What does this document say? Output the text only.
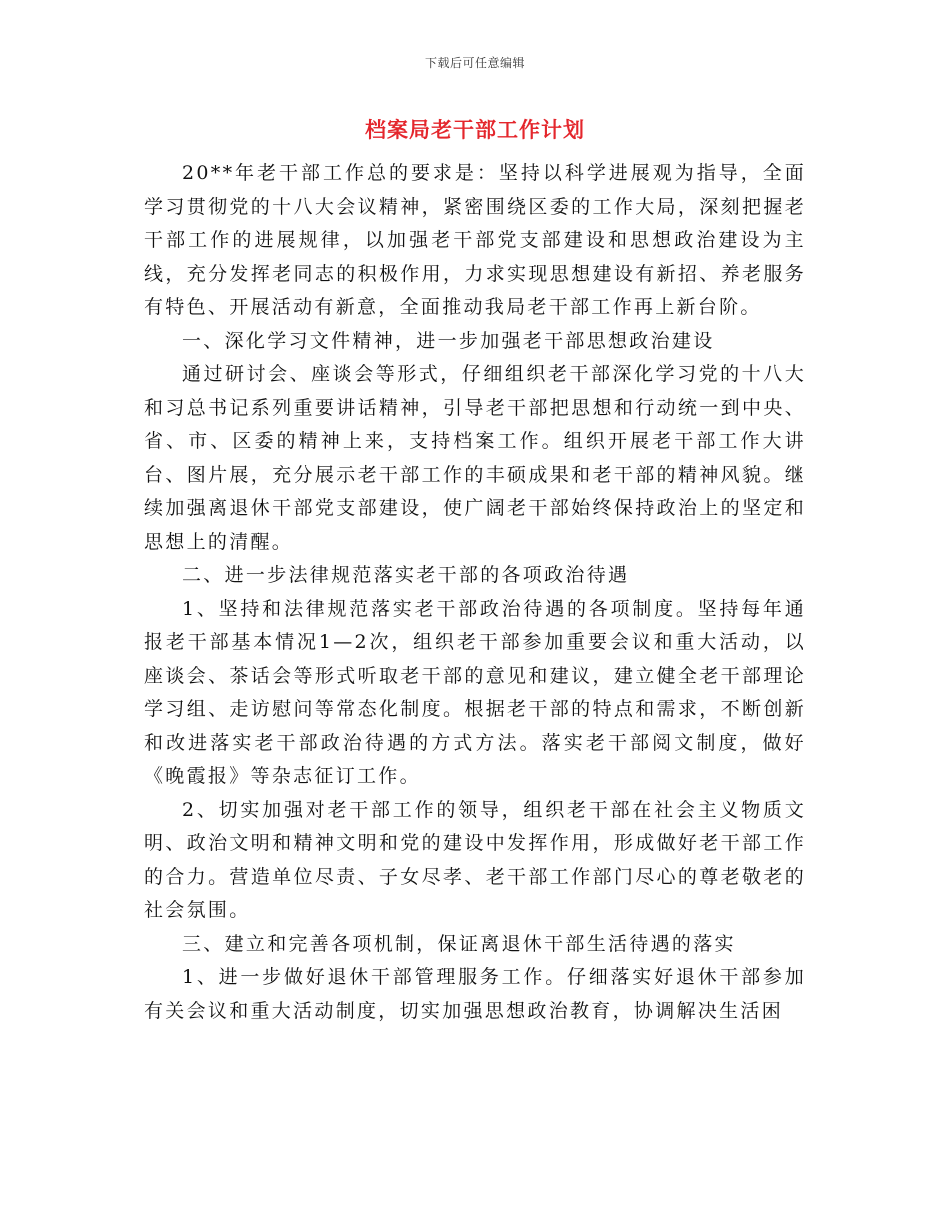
下载后可任意编辑
档案局老干部工作计划

20**年老干部工作总的要求是：坚持以科学进展观为指导，全面学习贯彻党的十八大会议精神，紧密围绕区委的工作大局，深刻把握老干部工作的进展规律，以加强老干部党支部建设和思想政治建设为主线，充分发挥老同志的积极作用，力求实现思想建设有新招、养老服务有特色、开展活动有新意，全面推动我局老干部工作再上新台阶。

一、深化学习文件精神，进一步加强老干部思想政治建设

通过研讨会、座谈会等形式，仔细组织老干部深化学习党的十八大和习总书记系列重要讲话精神，引导老干部把思想和行动统一到中央、省、市、区委的精神上来，支持档案工作。组织开展老干部工作大讲台、图片展，充分展示老干部工作的丰硕成果和老干部的精神风貌。继续加强离退休干部党支部建设，使广阔老干部始终保持政治上的坚定和思想上的清醒。

二、进一步法律规范落实老干部的各项政治待遇

1、坚持和法律规范落实老干部政治待遇的各项制度。坚持每年通报老干部基本情况1—2次，组织老干部参加重要会议和重大活动，以座谈会、茶话会等形式听取老干部的意见和建议，建立健全老干部理论学习组、走访慰问等常态化制度。根据老干部的特点和需求，不断创新和改进落实老干部政治待遇的方式方法。落实老干部阅文制度，做好《晚霞报》等杂志征订工作。

2、切实加强对老干部工作的领导，组织老干部在社会主义物质文明、政治文明和精神文明和党的建设中发挥作用，形成做好老干部工作的合力。营造单位尽责、子女尽孝、老干部工作部门尽心的尊老敬老的社会氛围。

三、建立和完善各项机制，保证离退休干部生活待遇的落实

1、进一步做好退休干部管理服务工作。仔细落实好退休干部参加有关会议和重大活动制度，切实加强思想政治教育，协调解决生活困
